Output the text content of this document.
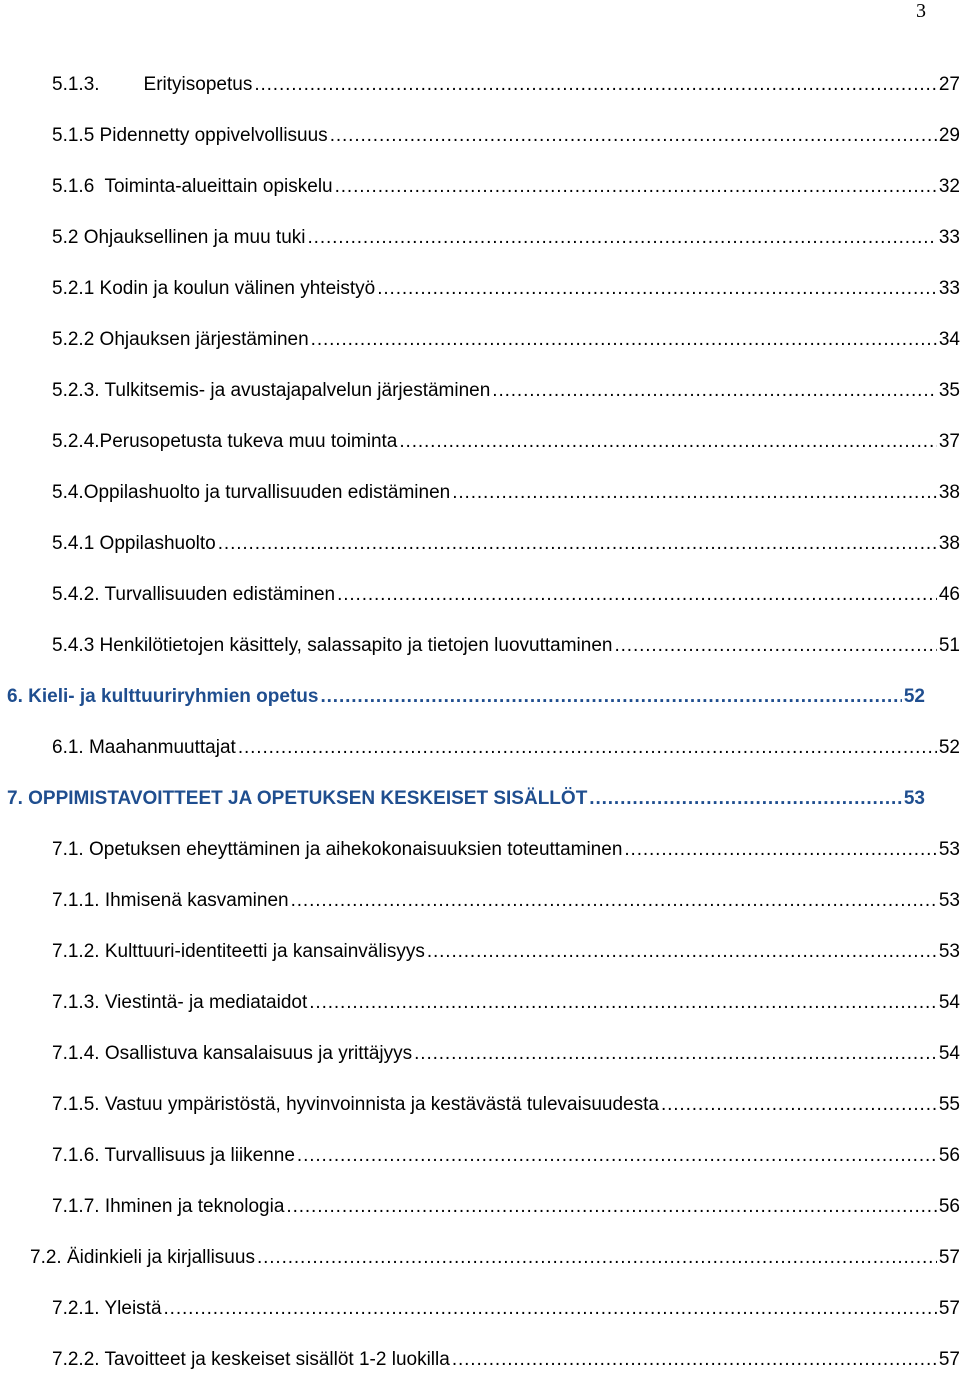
3
5.1.3. Erityisopetus . . .	27
5.1.5 Pidennetty oppivelvollisuus . . .	29
5.1.6 Toiminta-alueittain opiskelu . . .	32
5.2 Ohjauksellinen ja muu tuki . . .	33
5.2.1 Kodin ja koulun välinen yhteistyö . . .	33
5.2.2 Ohjauksen järjestäminen . . .	34
5.2.3. Tulkitsemis- ja avustajapalvelun järjestäminen . . .	35
5.2.4.Perusopetusta tukeva muu toiminta . . .	37
5.4.Oppilashuolto ja turvallisuuden edistäminen . . .	38
5.4.1 Oppilashuolto . . .	38
5.4.2. Turvallisuuden edistäminen . . .	46
5.4.3 Henkilötietojen käsittely, salassapito ja tietojen luovuttaminen . . .	51
6. Kieli- ja kulttuuriryhmien opetus . . .	52
6.1. Maahanmuuttajat . . .	52
7. OPPIMISTAVOITTEET JA OPETUKSEN KESKEISET SISÄLLÖT . . .	53
7.1. Opetuksen eheyttäminen ja aihekokonaisuuksien toteuttaminen . . .	53
7.1.1. Ihmisenä kasvaminen . . .	53
7.1.2. Kulttuuri-identiteetti ja kansainvälisyys . . .	53
7.1.3. Viestintä- ja mediataidot . . .	54
7.1.4. Osallistuva kansalaisuus ja yrittäjyys . . .	54
7.1.5. Vastuu ympäristöstä, hyvinvoinnista ja kestävästä tulevaisuudesta . . .	55
7.1.6. Turvallisuus ja liikenne . . .	56
7.1.7. Ihminen ja teknologia . . .	56
7.2. Äidinkieli ja kirjallisuus . . .	57
7.2.1. Yleistä . . .	57
7.2.2. Tavoitteet ja keskeiset sisällöt 1-2 luokilla . . .	57
